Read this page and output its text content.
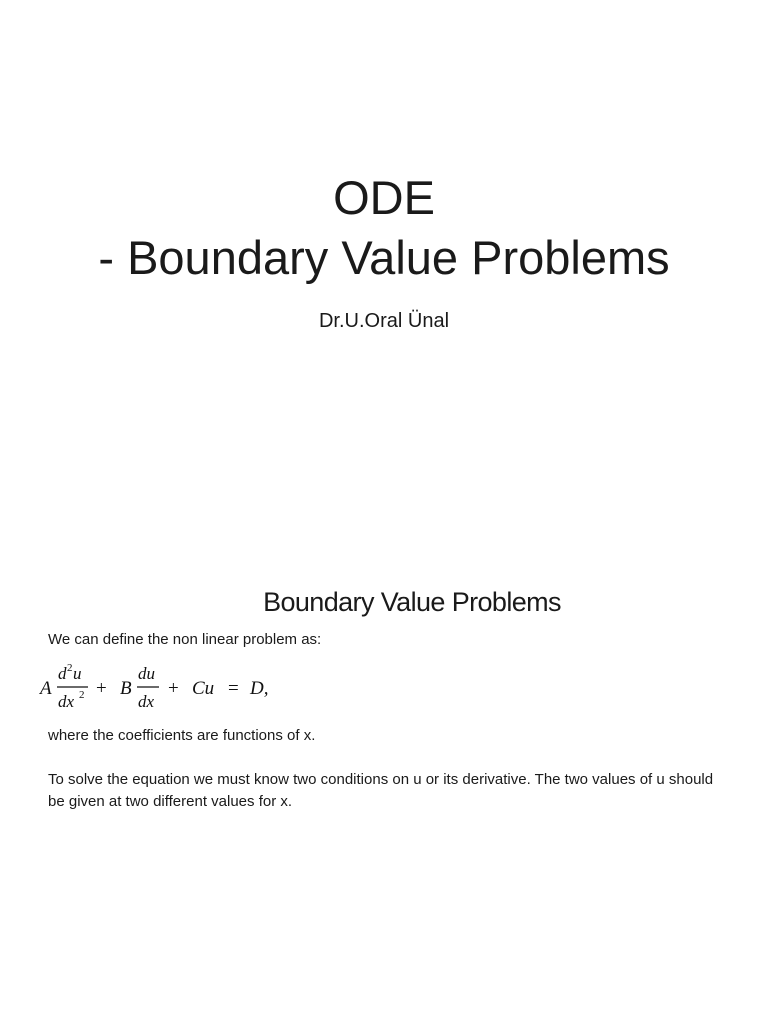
ODE
- Boundary Value Problems
Dr.U.Oral Ünal
Boundary Value Problems
We can define the non linear problem as:
A
d 2 u
dx 2 + B
du
dx
+ Cu = D,
where the coefficients are functions of x.
To solve the equation we must know two conditions on u or its derivative. The two values of u should be given at two different values for x.
